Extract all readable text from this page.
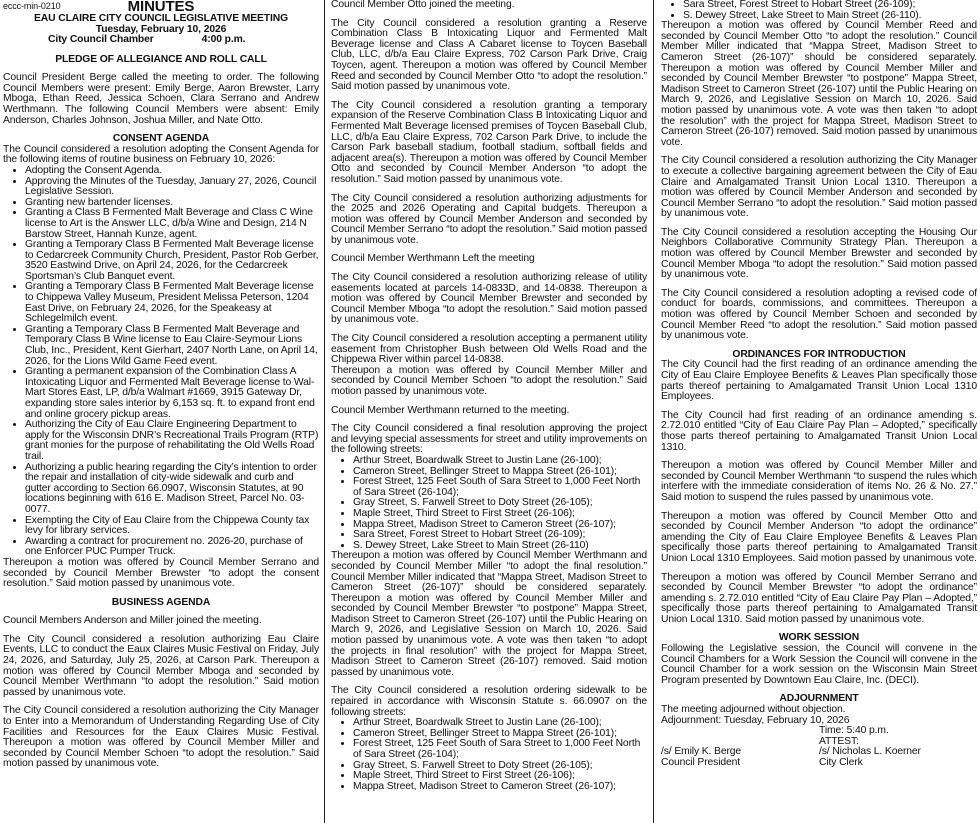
eccc-min-0210	MINUTES
EAU CLAIRE CITY COUNCIL LEGISLATIVE MEETING
Tuesday, February 10, 2026
City Council Chamber	4:00 p.m.
PLEDGE OF ALLEGIANCE AND ROLL CALL

Council President Berge called the meeting to order. The following Council Members were present: Emily Berge, Aaron Brewster, Larry Mboga, Ethan Reed, Jessica Schoen, Clara Serrano and Andrew Werthmann. The following Council Members were absent: Emily Anderson, Charles Johnson, Joshua Miller, and Nate Otto.

CONSENT AGENDA

The Council considered a resolution adopting the Consent Agenda for the following items of routine business on February 10, 2026:

• Adopting the Consent Agenda.
• Approving the Minutes of the Tuesday, January 27, 2026, Council Legislative Session.
• Granting new bartender licenses.
• Granting a Class B Fermented Malt Beverage and Class C Wine license to Art is the Answer LLC, d/b/a Wine and Design, 214 N Barstow Street, Hannah Kunze, agent.
• Granting a Temporary Class B Fermented Malt Beverage license to Cedarcreek Community Church, President, Pastor Rob Gerber, 3520 Eastwind Drive, on April 24, 2026, for the Cedarcreek Sportsman’s Club Banquet event.
• Granting a Temporary Class B Fermented Malt Beverage license to Chippewa Valley Museum, President Melissa Peterson, 1204 East Drive, on February 24, 2026, for the Speakeasy at Schlegelmilch event.
• Granting a Temporary Class B Fermented Malt Beverage and Temporary Class B Wine license to Eau Claire-Seymour Lions Club, Inc., President, Kent Gierhart, 2407 North Lane, on April 14, 2026, for the Lions Wild Game Feed event.
• Granting a permanent expansion of the Combination Class A Intoxicating Liquor and Fermented Malt Beverage license to Wal-Mart Stores East, LP, d/b/a Walmart #1669, 3915 Gateway Dr, expanding store sales interior by 6,153 sq. ft. to expand front end and online grocery pickup areas.
• Authorizing the City of Eau Claire Engineering Department to apply for the Wisconsin DNR’s Recreational Trails Program (RTP) grant monies for the purpose of rehabilitating the Old Wells Road trail.
• Authorizing a public hearing regarding the City’s intention to order the repair and installation of city-wide sidewalk and curb and gutter according to Section 66.0907, Wisconsin Statutes, at 90 locations beginning with 616 E. Madison Street, Parcel No. 03-0077.
• Exempting the City of Eau Claire from the Chippewa County tax levy for library services.
• Awarding a contract for procurement no. 2026-20, purchase of one Enforcer PUC Pumper Truck.

Thereupon a motion was offered by Council Member Serrano and seconded by Council Member Brewster “to adopt the consent resolution.” Said motion passed by unanimous vote.

BUSINESS AGENDA

Council Members Anderson and Miller joined the meeting.

The City Council considered a resolution authorizing Eau Claire Events, LLC to conduct the Eaux Claires Music Festival on Friday, July 24, 2026, and Saturday, July 25, 2026, at Carson Park. Thereupon a motion was offered by Council Member Mboga and seconded by Council Member Werthmann “to adopt the resolution.” Said motion passed by unanimous vote.

The City Council considered a resolution authorizing the City Manager to Enter into a Memorandum of Understanding Regarding Use of City Facilities and Resources for the Eaux Claires Music Festival. Thereupon a motion was offered by Council Member Miller and seconded by Council Member Schoen “to adopt the resolution.” Said motion passed by unanimous vote.

Council Member Otto joined the meeting.

The City Council considered a resolution granting a Reserve Combination Class B Intoxicating Liquor and Fermented Malt Beverage license and Class A Cabaret license to Toycen Baseball Club, LLC, d/b/a Eau Claire Express, 702 Carson Park Drive, Craig Toycen, agent. Thereupon a motion was offered by Council Member Reed and seconded by Council Member Otto “to adopt the resolution.” Said motion passed by unanimous vote.

The City Council considered a resolution granting a temporary expansion of the Reserve Combination Class B Intoxicating Liquor and Fermented Malt Beverage licensed premises of Toycen Baseball Club, LLC, d/b/a Eau Claire Express, 702 Carson Park Drive, to include the Carson Park baseball stadium, football stadium, softball fields and adjacent area(s). Thereupon a motion was offered by Council Member Otto and seconded by Council Member Anderson “to adopt the resolution.” Said motion passed by unanimous vote.

The City Council considered a resolution authorizing adjustments for the 2025 and 2026 Operating and Capital budgets. Thereupon a motion was offered by Council Member Anderson and seconded by Council Member Serrano “to adopt the resolution.” Said motion passed by unanimous vote.

Council Member Werthmann Left the meeting

The City Council considered a resolution authorizing release of utility easements located at parcels 14-0833D, and 14-0838. Thereupon a motion was offered by Council Member Brewster and seconded by Council Member Mboga “to adopt the resolution.” Said motion passed by unanimous vote.

The City Council considered a resolution accepting a permanent utility easement from Christopher Bush between Old Wells Road and the Chippewa River within parcel 14-0838.

Thereupon a motion was offered by Council Member Miller and seconded by Council Member Schoen “to adopt the resolution.” Said motion passed by unanimous vote.

Council Member Werthmann returned to the meeting.

The City Council considered a final resolution approving the project and levying special assessments for street and utility improvements on the following streets:

• Arthur Street, Boardwalk Street to Justin Lane (26-100);
• Cameron Street, Bellinger Street to Mappa Street (26-101);
• Forest Street, 125 Feet South of Sara Street to 1,000 Feet North of Sara Street (26-104);
• Gray Street, S. Farwell Street to Doty Street (26-105);
• Maple Street, Third Street to First Street (26-106);
• Mappa Street, Madison Street to Cameron Street (26-107);
• Sara Street, Forest Street to Hobart Street (26-109);
• S. Dewey Street, Lake Street to Main Street (26-110)

Thereupon a motion was offered by Council Member Werthmann and seconded by Council Member Miller “to adopt the final resolution.” Council Member Miller indicated that “Mappa Street, Madison Street to Cameron Street (26-107)” should be considered separately. Thereupon a motion was offered by Council Member Miller and seconded by Council Member Brewster “to postpone” Mappa Street, Madison Street to Cameron Street (26-107) until the Public Hearing on March 9, 2026, and Legislative Session on March 10, 2026. Said motion passed by unanimous vote. A vote was then taken “to adopt the projects in final resolution” with the project for Mappa Street, Madison Street to Cameron Street (26-107) removed. Said motion passed by unanimous vote.

The City Council considered a resolution ordering sidewalk to be repaired in accordance with Wisconsin Statute s. 66.0907 on the following streets:

• Arthur Street, Boardwalk Street to Justin Lane (26-100);
• Cameron Street, Bellinger Street to Mappa Street (26-101);
• Forest Street, 125 Feet South of Sara Street to 1,000 Feet North of Sara Street (26-104);
• Gray Street, S. Farwell Street to Doty Street (26-105);
• Maple Street, Third Street to First Street (26-106);
• Mappa Street, Madison Street to Cameron Street (26-107);
• Sara Street, Forest Street to Hobart Street (26-109);
• S. Dewey Street, Lake Street to Main Street (26-110).

Thereupon a motion was offered by Council Member Reed and seconded by Council Member Otto “to adopt the resolution.” Council Member Miller indicated that “Mappa Street, Madison Street to Cameron Street (26-107)” should be considered separately. Thereupon a motion was offered by Council Member Miller and seconded by Council Member Brewster “to postpone” Mappa Street, Madison Street to Cameron Street (26-107) until the Public Hearing on March 9, 2026, and Legislative Session on March 10, 2026. Said motion passed by unanimous vote. A vote was then taken “to adopt the resolution” with the project for Mappa Street, Madison Street to Cameron Street (26-107) removed. Said motion passed by unanimous vote.

The City Council considered a resolution authorizing the City Manager to execute a collective bargaining agreement between the City of Eau Claire and Amalgamated Transit Union Local 1310. Thereupon a motion was offered by Council Member Anderson and seconded by Council Member Serrano “to adopt the resolution.” Said motion passed by unanimous vote.

The City Council considered a resolution accepting the Housing Our Neighbors Collaborative Community Strategy Plan. Thereupon a motion was offered by Council Member Brewster and seconded by Council Member Mboga “to adopt the resolution.” Said motion passed by unanimous vote.

The City Council considered a resolution adopting a revised code of conduct for boards, commissions, and committees. Thereupon a motion was offered by Council Member Schoen and seconded by Council Member Reed “to adopt the resolution.” Said motion passed by unanimous vote.

ORDINANCES FOR INTRODUCTION

The City Council had the first reading of an ordinance amending the City of Eau Claire Employee Benefits & Leaves Plan specifically those parts thereof pertaining to Amalgamated Transit Union Local 1310 Employees.

The City Council had first reading of an ordinance amending s. 2.72.010 entitled “City of Eau Claire Pay Plan – Adopted,” specifically those parts thereof pertaining to Amalgamated Transit Union Local 1310.

Thereupon a motion was offered by Council Member Miller and seconded by Council Member Werthmann “to suspend the rules which interfere with the immediate consideration of items No. 26 & No. 27.” Said motion to suspend the rules passed by unanimous vote.

Thereupon a motion was offered by Council Member Otto and seconded by Council Member Anderson “to adopt the ordinance” amending the City of Eau Claire Employee Benefits & Leaves Plan specifically those parts thereof pertaining to Amalgamated Transit Union Local 1310 Employees. Said motion passed by unanimous vote.

Thereupon a motion was offered by Council Member Serrano and seconded by Council Member Brewster “to adopt the ordinance” amending s. 2.72.010 entitled “City of Eau Claire Pay Plan – Adopted,” specifically those parts thereof pertaining to Amalgamated Transit Union Local 1310. Said motion passed by unanimous vote.

WORK SESSION

Following the Legislative session, the Council will convene in the Council Chambers for a Work Session the Council will convene in the Council Chamber for a work session on the Wisconsin Main Street Program presented by Downtown Eau Claire, Inc. (DECI).

ADJOURNMENT
The meeting adjourned without objection.
Adjournment: Tuesday, February 10, 2026
Time: 5:40 p.m.
ATTEST:
/s/ Emily K. Berge	/s/ Nicholas L. Koerner
Council President	City Clerk
